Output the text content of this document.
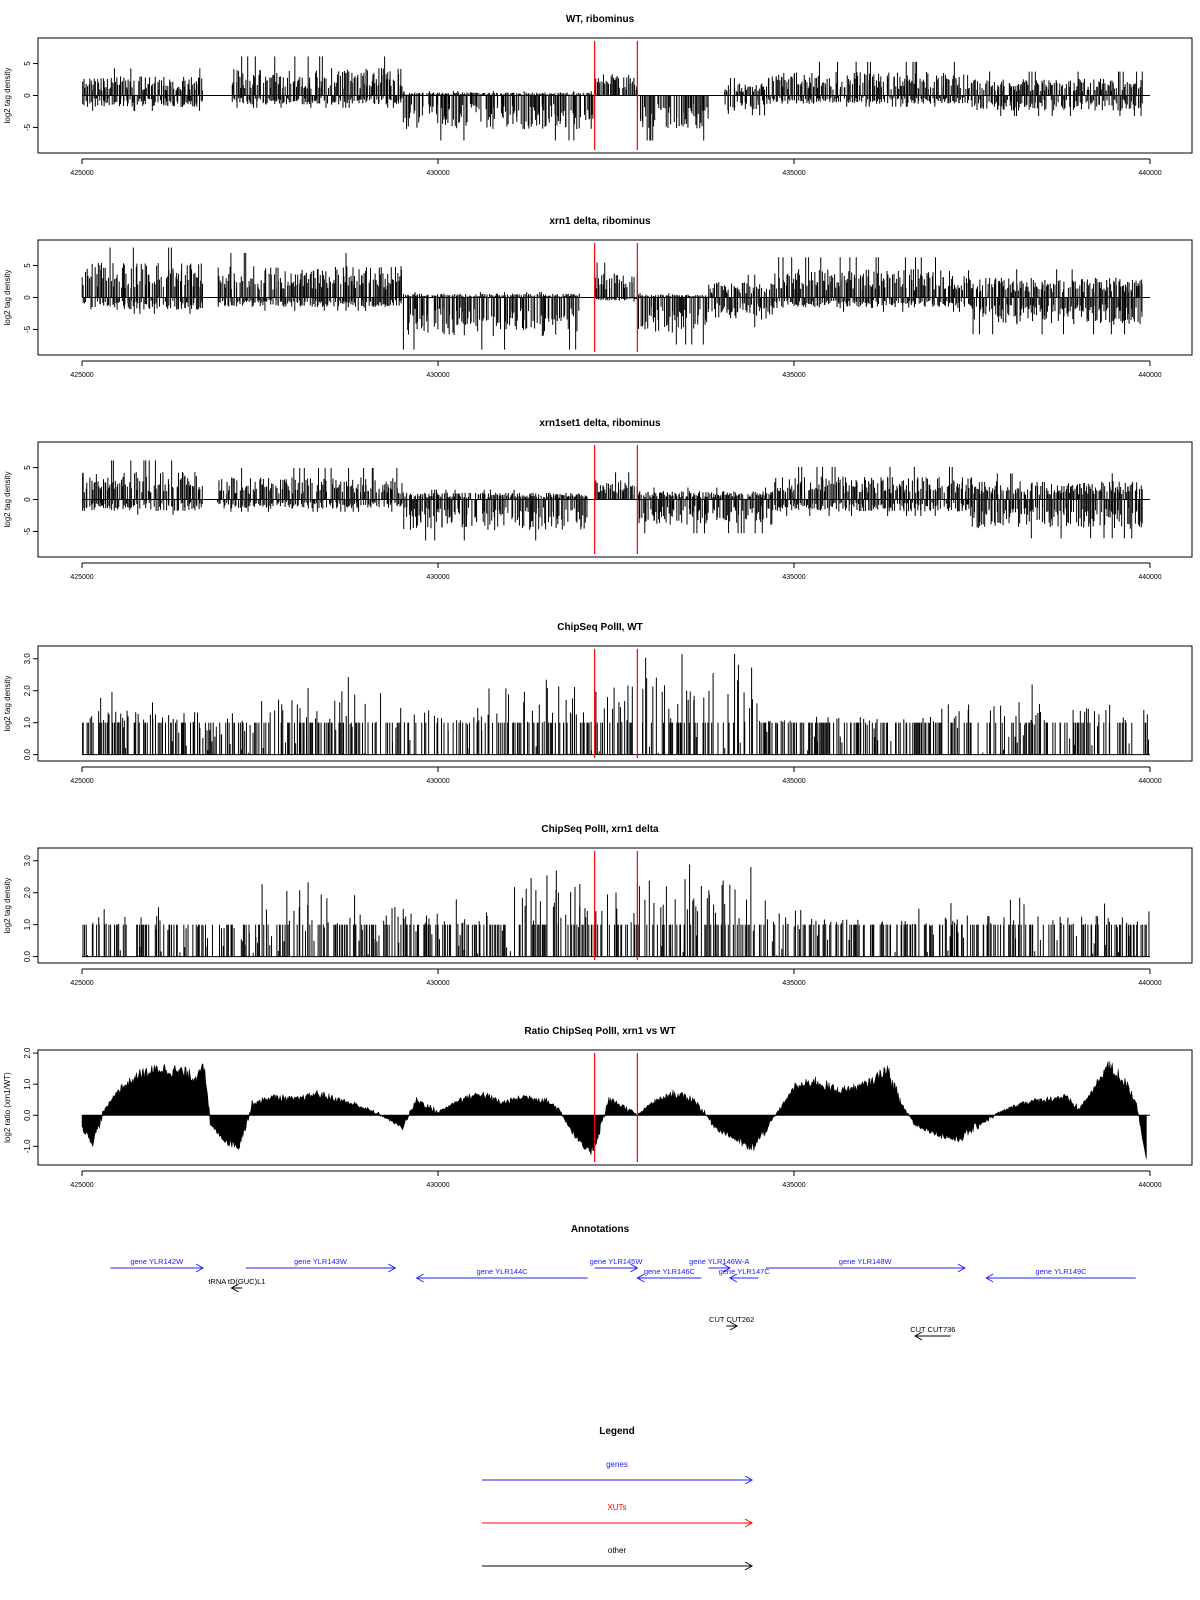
WT, ribominus
log2 tag density
-5
0
5
425000	430000	435000	440000
xrn1 delta, ribominus
log2 tag density
-5
0
5
425000	430000	435000	440000
xrn1set1 delta, ribominus
log2 tag density
-5
0
5
425000	430000	435000	440000
ChipSeq PolII, WT
log2 tag density
0.0
1.0
2.0
3.0
425000	430000	435000	440000
ChipSeq PolII, xrn1 delta
log2 tag density
0.0
1.0
2.0
3.0
425000	430000	435000	440000
Ratio ChipSeq PolII, xrn1 vs WT
log2 ratio (xrn1/WT)
-1.0
0.0
1.0
2.0
425000	430000	435000	440000
Annotations
gene YLR142W	gene YLR143W
gene YLR144C
gene YLR145W
gene YLR146C
gene YLR146W-A
gene YLR147C
gene YLR148W
gene YLR149C
tRNA tD(GUC)L1
CUT CUT262
CUT CUT736
Legend
genes
XUTs
other
